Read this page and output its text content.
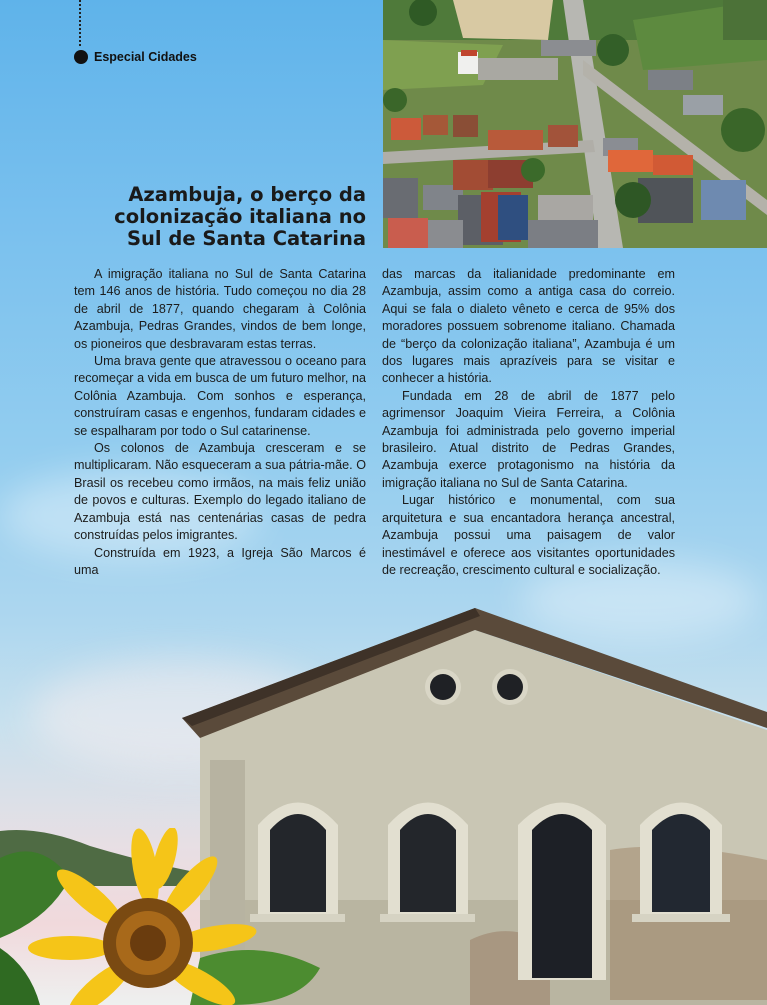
Especial Cidades
Azambuja, o berço da
colonização italiana no
Sul de Santa Catarina

A imigração italiana no Sul de Santa Catarina tem 146 anos de história. Tudo começou no dia 28 de abril de 1877, quando chegaram à Colônia Azambuja, Pedras Grandes, vindos de bem longe, os pioneiros que desbravaram estas terras.

Uma brava gente que atravessou o oceano para recomeçar a vida em busca de um futuro melhor, na Colônia Azambuja. Com sonhos e esperança, construíram casas e engenhos, fundaram cidades e se espalharam por todo o Sul catarinense.

Os colonos de Azambuja cresceram e se multiplicaram. Não esqueceram a sua pátria-mãe. O Brasil os recebeu como irmãos, na mais feliz união de povos e culturas. Exemplo do legado italiano de Azambuja está nas centenárias casas de pedra construídas pelos imigrantes.

Construída em 1923, a Igreja São Marcos é uma

das marcas da italianidade predominante em Azambuja, assim como a antiga casa do correio. Aqui se fala o dialeto vêneto e cerca de 95% dos moradores possuem sobrenome italiano. Chamada de “berço da colonização italiana”, Azambuja é um dos lugares mais aprazíveis para se visitar e conhecer a história.

Fundada em 28 de abril de 1877 pelo agrimensor Joaquim Vieira Ferreira, a Colônia Azambuja foi administrada pelo governo imperial brasileiro. Atual distrito de Pedras Grandes, Azambuja exerce protagonismo na história da imigração italiana no Sul de Santa Catarina.

Lugar histórico e monumental, com sua arquitetura e sua encantadora herança ancestral, Azambuja possui uma paisagem de valor inestimável e oferece aos visitantes oportunidades de recreação, crescimento cultural e socialização.
